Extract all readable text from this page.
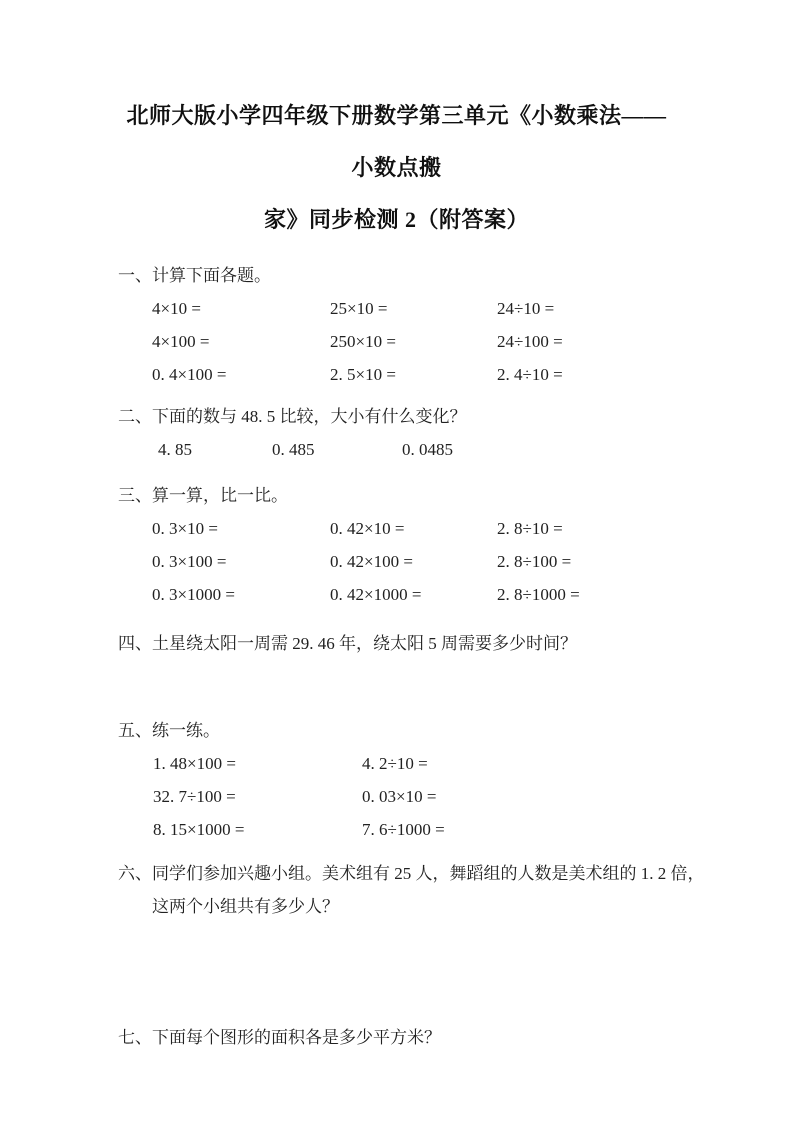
北师大版小学四年级下册数学第三单元《小数乘法——小数点搬
家》同步检测 2（附答案）
一、计算下面各题。
4×10 =	25×10 =	24÷10 =
4×100 =	250×10 =	24÷100 =
0. 4×100 =	2. 5×10 =	2. 4÷10 =
二、下面的数与 48. 5 比较，大小有什么变化？
4. 85	0. 485	0. 0485
三、算一算，比一比。
0. 3×10 =	0. 42×10 =	2. 8÷10 =
0. 3×100 =	0. 42×100 =	2. 8÷100 =
0. 3×1000 =	0. 42×1000 =	2. 8÷1000 =
四、土星绕太阳一周需 29. 46 年，绕太阳 5 周需要多少时间？
五、练一练。
1. 48×100 =	4. 2÷10 =
32. 7÷100 =	0. 03×10 =
8. 15×1000 =	7. 6÷1000 =
六、同学们参加兴趣小组。美术组有 25 人，舞蹈组的人数是美术组的 1. 2 倍，
这两个小组共有多少人？
七、下面每个图形的面积各是多少平方米？
